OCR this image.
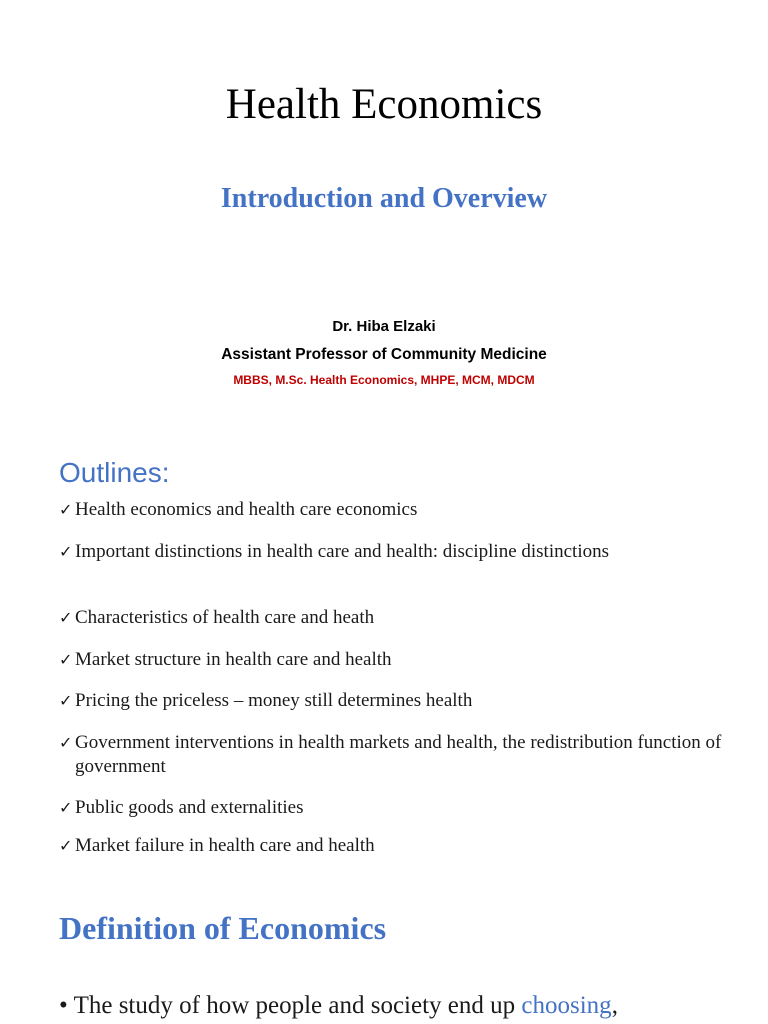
Health Economics
Introduction and Overview
Dr. Hiba Elzaki
Assistant Professor of Community Medicine
MBBS, M.Sc. Health Economics, MHPE, MCM, MDCM
Outlines:
✓ Health economics and health care economics
✓ Important distinctions in health care and health: discipline distinctions
✓ Characteristics of health care and heath
✓ Market structure in health care and health
✓ Pricing the priceless – money still determines health
✓ Government interventions in health markets and health, the redistribution function of government
✓ Public goods and externalities
✓ Market failure in health care and health
Definition of Economics
• The study of how people and society end up choosing,
